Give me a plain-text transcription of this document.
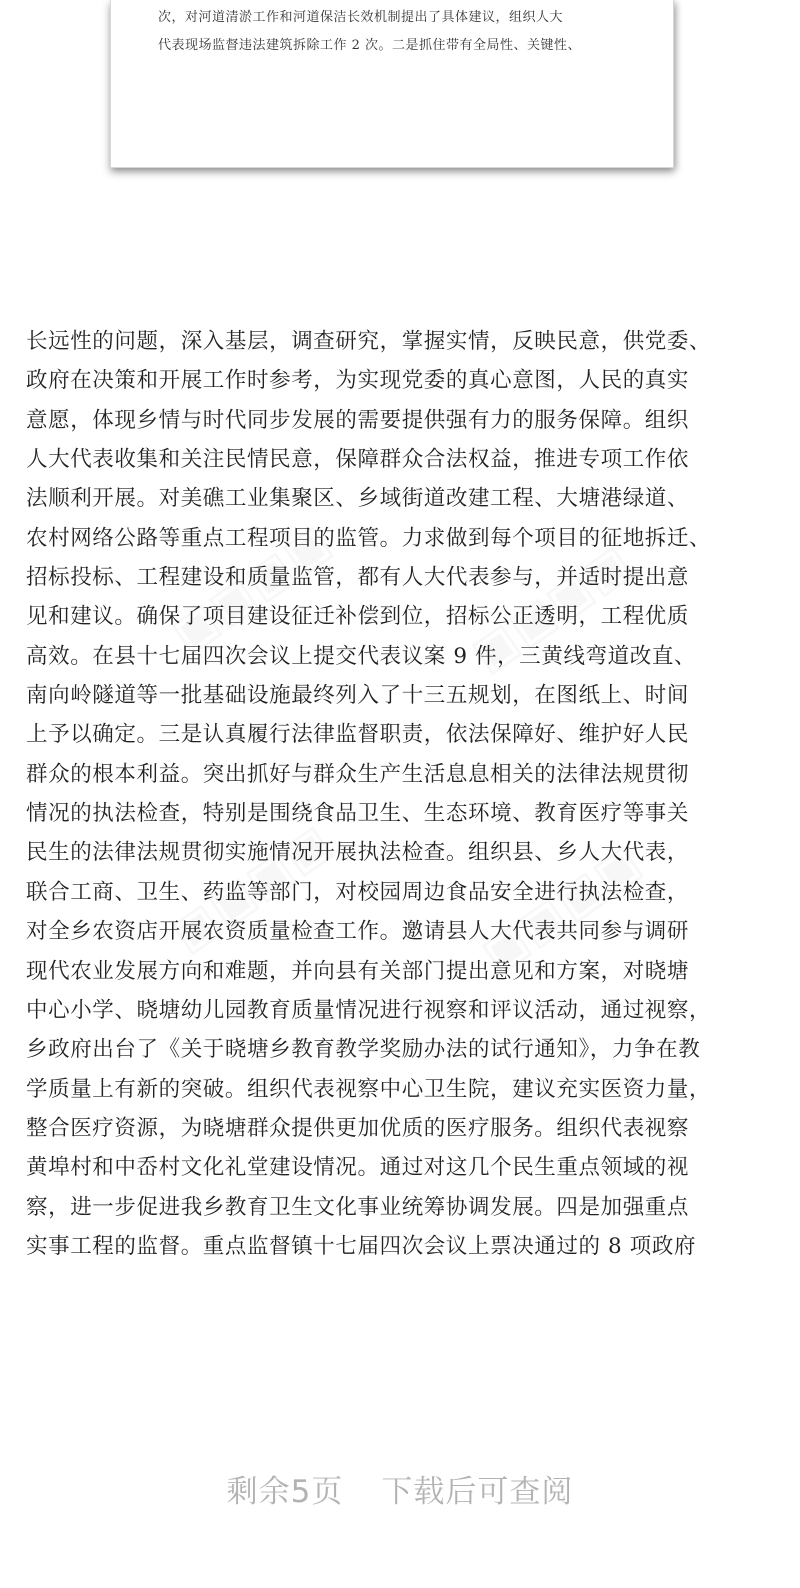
次，对河道清淤工作和河道保洁长效机制提出了具体建议，组织人大
代表现场监督违法建筑拆除工作 2 次。二是抓住带有全局性、关键性、
长远性的问题，深入基层，调查研究，掌握实情，反映民意，供党委、
政府在决策和开展工作时参考，为实现党委的真心意图，人民的真实
意愿，体现乡情与时代同步发展的需要提供强有力的服务保障。组织
人大代表收集和关注民情民意，保障群众合法权益，推进专项工作依
法顺利开展。对美礁工业集聚区、乡域街道改建工程、大塘港绿道、
农村网络公路等重点工程项目的监管。力求做到每个项目的征地拆迁、
招标投标、工程建设和质量监管，都有人大代表参与，并适时提出意
见和建议。确保了项目建设征迁补偿到位，招标公正透明，工程优质
高效。在县十七届四次会议上提交代表议案 9 件，三黄线弯道改直、
南向岭隧道等一批基础设施最终列入了十三五规划，在图纸上、时间
上予以确定。三是认真履行法律监督职责，依法保障好、维护好人民
群众的根本利益。突出抓好与群众生产生活息息相关的法律法规贯彻
情况的执法检查，特别是围绕食品卫生、生态环境、教育医疗等事关
民生的法律法规贯彻实施情况开展执法检查。组织县、乡人大代表，
联合工商、卫生、药监等部门，对校园周边食品安全进行执法检查，
对全乡农资店开展农资质量检查工作。邀请县人大代表共同参与调研
现代农业发展方向和难题，并向县有关部门提出意见和方案，对晓塘
中心小学、晓塘幼儿园教育质量情况进行视察和评议活动，通过视察，
乡政府出台了《关于晓塘乡教育教学奖励办法的试行通知》，力争在教
学质量上有新的突破。组织代表视察中心卫生院，建议充实医资力量，
整合医疗资源，为晓塘群众提供更加优质的医疗服务。组织代表视察
黄埠村和中岙村文化礼堂建设情况。通过对这几个民生重点领域的视
察，进一步促进我乡教育卫生文化事业统筹协调发展。四是加强重点
实事工程的监督。重点监督镇十七届四次会议上票决通过的 8 项政府
剩余5页 下载后可查阅
